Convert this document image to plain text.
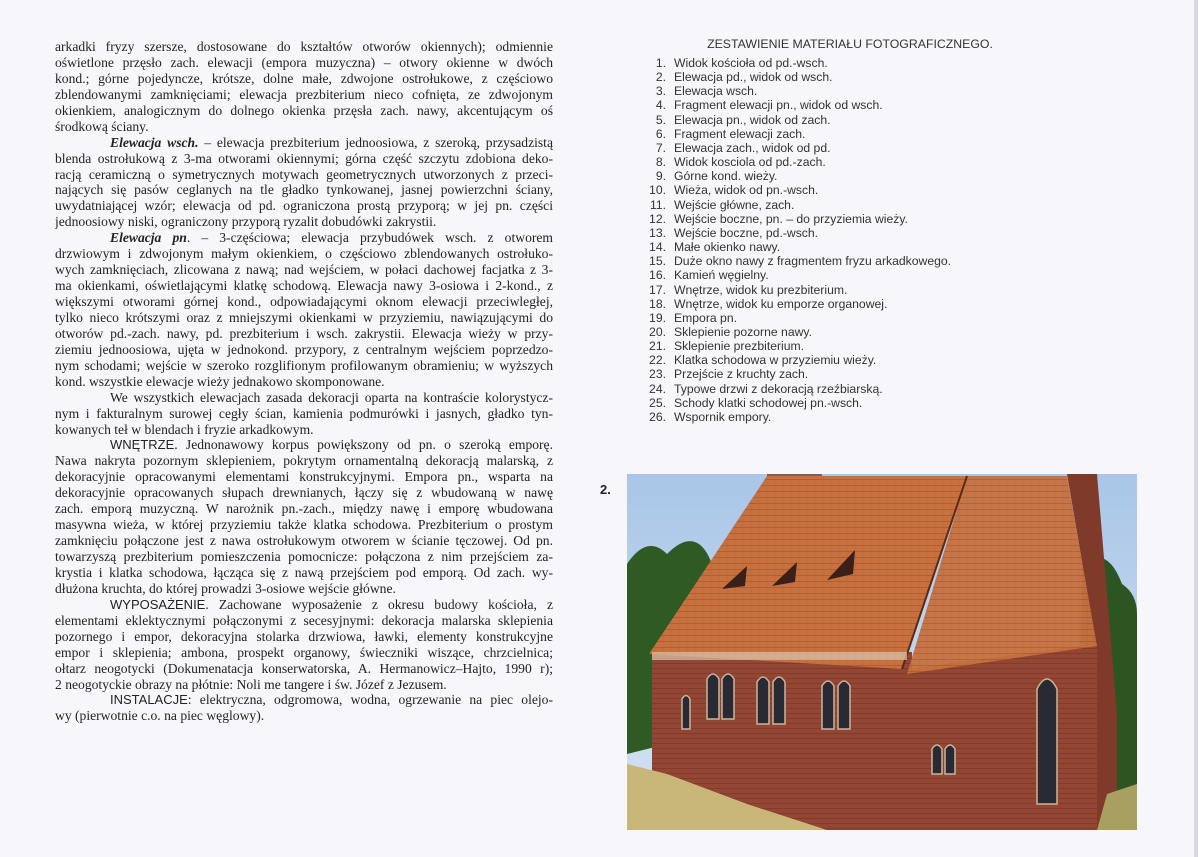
arkadki fryzy szersze, dostosowane do kształtów otworów okiennych); odmiennie
oświetlone przęsło zach. elewacji (empora muzyczna) – otwory okienne w dwóch
kond.; górne pojedyncze, krótsze, dolne małe, zdwojone ostrołukowe, z częściowo
zblendowanymi zamknięciami; elewacja prezbiterium nieco cofnięta, ze zdwojonym
okienkiem, analogicznym do dolnego okienka przęsła zach. nawy, akcentującym oś
środkową ściany.
Elewacja wsch. – elewacja prezbiterium jednoosiowa, z szeroką, przysadzistą
blenda ostrołukową z 3-ma otworami okiennymi; górna część szczytu zdobiona deko-
racją ceramiczną o symetrycznych motywach geometrycznych utworzonych z przeci-
nających się pasów ceglanych na tle gładko tynkowanej, jasnej powierzchni ściany,
uwydatniającej wzór; elewacja od pd. ograniczona prostą przyporą; w jej pn. części
jednoosiowy niski, ograniczony przyporą ryzalit dobudówki zakrystii.
Elewacja pn. – 3-częściowa; elewacja przybudówek wsch. z otworem
drzwiowym i zdwojonym małym okienkiem, o częściowo zblendowanych ostrołuko-
wych zamknięciach, zlicowana z nawą; nad wejściem, w połaci dachowej facjatka z 3-
ma okienkami, oświetlającymi klatkę schodową. Elewacja nawy 3-osiowa i 2-kond., z
większymi otworami górnej kond., odpowiadającymi oknom elewacji przeciwległej,
tylko nieco krótszymi oraz z mniejszymi okienkami w przyziemiu, nawiązującymi do
otworów pd.-zach. nawy, pd. prezbiterium i wsch. zakrystii. Elewacja wieży w przy-
ziemiu jednoosiowa, ujęta w jednokond. przypory, z centralnym wejściem poprzedzo-
nym schodami; wejście w szeroko rozglifionym profilowanym obramieniu; w wyższych
kond. wszystkie elewacje wieży jednakowo skomponowane.
We wszystkich elewacjach zasada dekoracji oparta na kontraście kolorystycz-
nym i fakturalnym surowej cegły ścian, kamienia podmurówki i jasnych, gładko tyn-
kowanych teł w blendach i fryzie arkadkowym.
WNĘTRZE. Jednonawowy korpus powiększony od pn. o szeroką emporę.
Nawa nakryta pozornym sklepieniem, pokrytym ornamentalną dekoracją malarską, z
dekoracyjnie opracowanymi elementami konstrukcyjnymi. Empora pn., wsparta na
dekoracyjnie opracowanych słupach drewnianych, łączy się z wbudowaną w nawę
zach. emporą muzyczną. W narożnik pn.-zach., między nawę i emporę wbudowana
masywna wieża, w której przyziemiu także klatka schodowa. Prezbiterium o prostym
zamknięciu połączone jest z nawa ostrołukowym otworem w ścianie tęczowej. Od pn.
towarzyszą prezbiterium pomieszczenia pomocnicze: połączona z nim przejściem za-
krystia i klatka schodowa, łącząca się z nawą przejściem pod emporą. Od zach. wy-
dłużona kruchta, do której prowadzi 3-osiowe wejście główne.
WYPOSAŻENIE. Zachowane wyposażenie z okresu budowy kościoła, z
elementami eklektycznymi połączonymi z secesyjnymi: dekoracja malarska sklepienia
pozornego i empor, dekoracyjna stolarka drzwiowa, ławki, elementy konstrukcyjne
empor i sklepienia; ambona, prospekt organowy, świeczniki wiszące, chrzcielnica;
ołtarz neogotycki (Dokumenatacja konserwatorska, A. Hermanowicz–Hajto, 1990 r);
2 neogotyckie obrazy na płótnie: Noli me tangere i św. Józef z Jezusem.
INSTALACJE: elektryczna, odgromowa, wodna, ogrzewanie na piec olejo-
wy (pierwotnie c.o. na piec węglowy).
ZESTAWIENIE MATERIAŁU FOTOGRAFICZNEGO.
1. Widok kościoła od pd.-wsch.
2. Elewacja pd., widok od wsch.
3. Elewacja wsch.
4. Fragment elewacji pn., widok od wsch.
5. Elewacja pn., widok od zach.
6. Fragment elewacji zach.
7. Elewacja zach., widok od pd.
8. Widok kosciola od pd.-zach.
9. Górne kond. wieży.
10. Wieża, widok od pn.-wsch.
11. Wejście główne, zach.
12. Wejście boczne, pn. – do przyziemia wieży.
13. Wejście boczne, pd.-wsch.
14. Małe okienko nawy.
15. Duże okno nawy z fragmentem fryzu arkadkowego.
16. Kamień węgielny.
17. Wnętrze, widok ku prezbiterium.
18. Wnętrze, widok ku emporze organowej.
19. Empora pn.
20. Sklepienie pozorne nawy.
21. Sklepienie prezbiterium.
22. Klatka schodowa w przyziemiu wieży.
23. Przejście z kruchty zach.
24. Typowe drzwi z dekoracją rzeźbiarską.
25. Schody klatki schodowej pn.-wsch.
26. Wspornik empory.
2.
